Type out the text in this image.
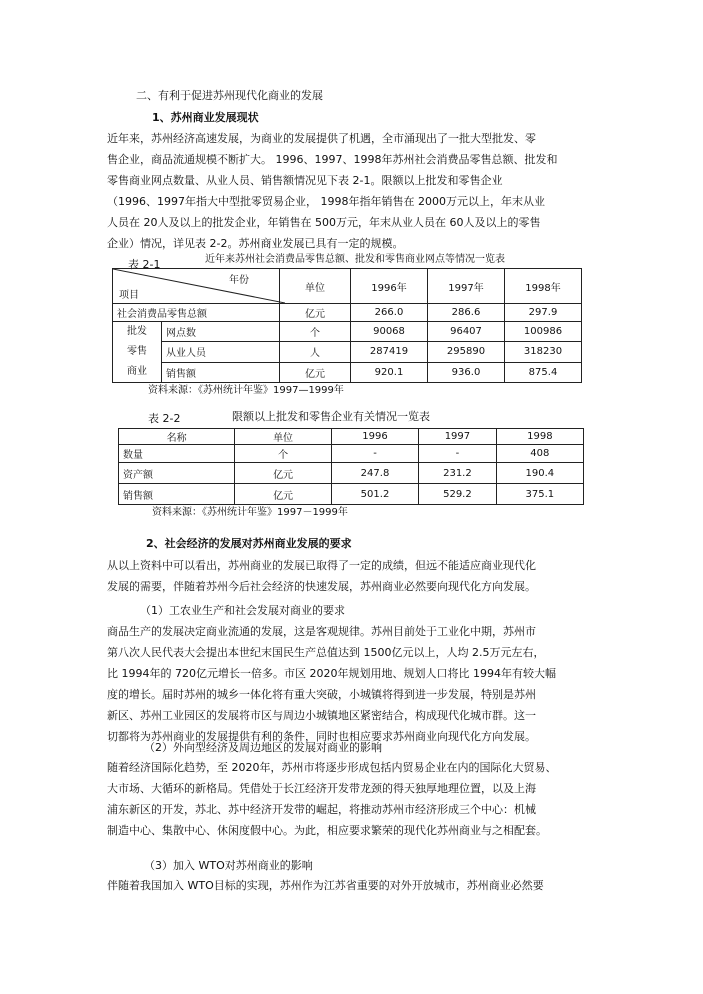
二、有利于促进苏州现代化商业的发展
1、苏州商业发展现状
近年来，苏州经济高速发展，为商业的发展提供了机遇，全市涌现出了一批大型批发、零
售企业，商品流通规模不断扩大。 1996、1997、1998年苏州社会消费品零售总额、批发和
零售商业网点数量、从业人员、销售额情况见下表 2-1。限额以上批发和零售企业
（1996、1997年指大中型批零贸易企业， 1998年指年销售在 2000万元以上，年末从业
人员在 20人及以上的批发企业，年销售在 500万元，年末从业人员在 60人及以上的零售
企业）情况，详见表 2-2。苏州商业发展已具有一定的规模。
表 2-1	近年来苏州社会消费品零售总额、批发和零售商业网点等情况一览表
年份
项目		单位	1996年	1997年	1998年
社会消费品零售总额		亿元	266.0	286.6	297.9

批发
零售
商业	网点数	个	90068	96407	100986
	从业人员	人	287419	295890	318230
	销售额	亿元	920.1	936.0	875.4
资料来源：《苏州统计年鉴》1997—1999年
表 2-2	限额以上批发和零售企业有关情况一览表
名称	单位	1996	1997	1998
数量	个	-	-	408
资产额	亿元	247.8	231.2	190.4
销售额	亿元	501.2	529.2	375.1
资料来源：《苏州统计年鉴》1997－1999年
2、社会经济的发展对苏州商业发展的要求
从以上资料中可以看出，苏州商业的发展已取得了一定的成绩，但远不能适应商业现代化
发展的需要，伴随着苏州今后社会经济的快速发展，苏州商业必然要向现代化方向发展。
（1）工农业生产和社会发展对商业的要求
商品生产的发展决定商业流通的发展，这是客观规律。苏州目前处于工业化中期，苏州市
第八次人民代表大会提出本世纪末国民生产总值达到 1500亿元以上，人均 2.5万元左右，
比 1994年的 720亿元增长一倍多。市区 2020年规划用地、规划人口将比 1994年有较大幅
度的增长。届时苏州的城乡一体化将有重大突破，小城镇将得到进一步发展，特别是苏州
新区、苏州工业园区的发展将市区与周边小城镇地区紧密结合，构成现代化城市群。这一
切都将为苏州商业的发展提供有利的条件，同时也相应要求苏州商业向现代化方向发展。
（2）外向型经济及周边地区的发展对商业的影响
随着经济国际化趋势，至 2020年，苏州市将逐步形成包括内贸易企业在内的国际化大贸易、
大市场、大循环的新格局。凭借处于长江经济开发带龙颈的得天独厚地理位置，以及上海
浦东新区的开发，苏北、苏中经济开发带的崛起，将推动苏州市经济形成三个中心：机械
制造中心、集散中心、休闲度假中心。为此，相应要求繁荣的现代化苏州商业与之相配套。
（3）加入 WTO对苏州商业的影响
伴随着我国加入 WTO目标的实现，苏州作为江苏省重要的对外开放城市，苏州商业必然要
